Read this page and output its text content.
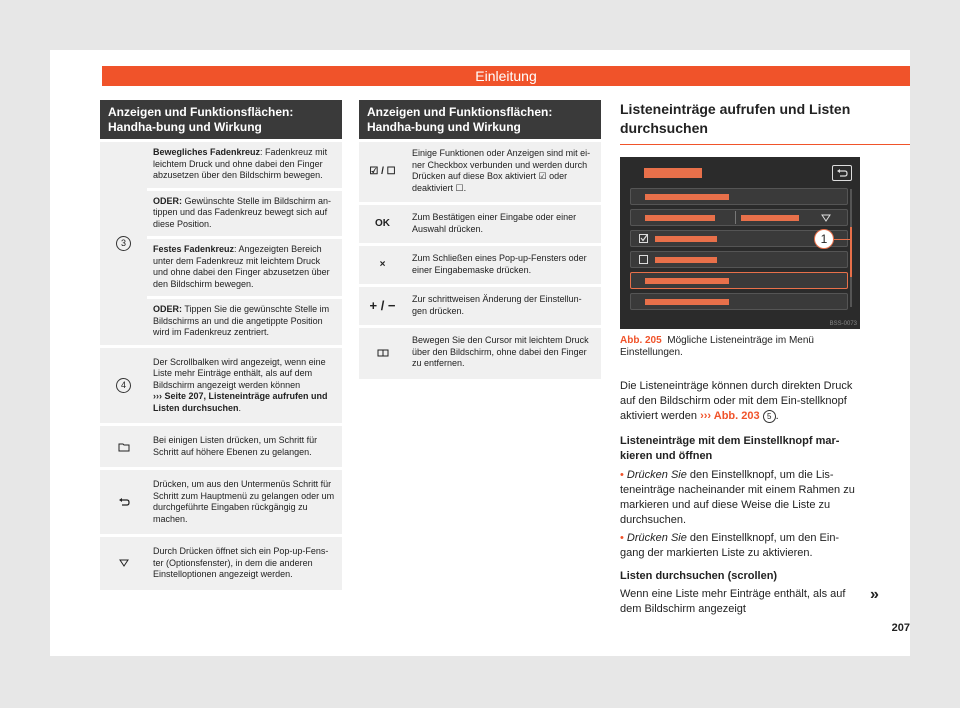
Einleitung
Anzeigen und Funktionsflächen: Handha-bung und Wirkung
3
Bewegliches Fadenkreuz: Fadenkreuz mit leichtem Druck und ohne dabei den Finger abzusetzen über den Bildschirm bewegen.
ODER: Gewünschte Stelle im Bildschirm an-tippen und das Fadenkreuz bewegt sich auf diese Position.
Festes Fadenkreuz: Angezeigten Bereich unter dem Fadenkreuz mit leichtem Druck und ohne dabei den Finger abzusetzen über den Bildschirm bewegen.
ODER: Tippen Sie die gewünschte Stelle im Bildschirms an und die angetippte Position wird im Fadenkreuz zentriert.
4
Der Scrollbalken wird angezeigt, wenn eine Liste mehr Einträge enthält, als auf dem Bildschirm angezeigt werden können
››› Seite 207, Listeneinträge aufrufen und Listen durchsuchen.
Bei einigen Listen drücken, um Schritt für Schritt auf höhere Ebenen zu gelangen.
Drücken, um aus den Untermenüs Schritt für Schritt zum Hauptmenü zu gelangen oder um durchgeführte Eingaben rückgängig zu machen.
Durch Drücken öffnet sich ein Pop-up-Fens-ter (Optionsfenster), in dem die anderen Einstelloptionen angezeigt werden.
Anzeigen und Funktionsflächen: Handha-bung und Wirkung
☑ / ☐
Einige Funktionen oder Anzeigen sind mit ei-ner Checkbox verbunden und werden durch Drücken auf diese Box aktiviert ☑ oder deaktiviert ☐.
OK
Zum Bestätigen einer Eingabe oder einer Auswahl drücken.
×
Zum Schließen eines Pop-up-Fensters oder einer Eingabemaske drücken.
+ / −	Zur schrittweisen Änderung der Einstellun-gen drücken.
Bewegen Sie den Cursor mit leichtem Druck über den Bildschirm, ohne dabei den Finger zu entfernen.
Listeneinträge aufrufen und Listen durchsuchen
1
BSS-0073
Abb. 205 Mögliche Listeneinträge im Menü Einstellungen.
Die Listeneinträge können durch direkten Druck auf den Bildschirm oder mit dem Ein-stellknopf aktiviert werden ››› Abb. 203 5 .
Listeneinträge mit dem Einstellknopf mar-kieren und öffnen
• Drücken Sie den Einstellknopf, um die Lis-teneinträge nacheinander mit einem Rahmen zu markieren und auf diese Weise die Liste zu durchsuchen.
• Drücken Sie den Einstellknopf, um den Ein-gang der markierten Liste zu aktivieren.
Listen durchsuchen (scrollen)
Wenn eine Liste mehr Einträge enthält, als auf dem Bildschirm angezeigt
»
207
